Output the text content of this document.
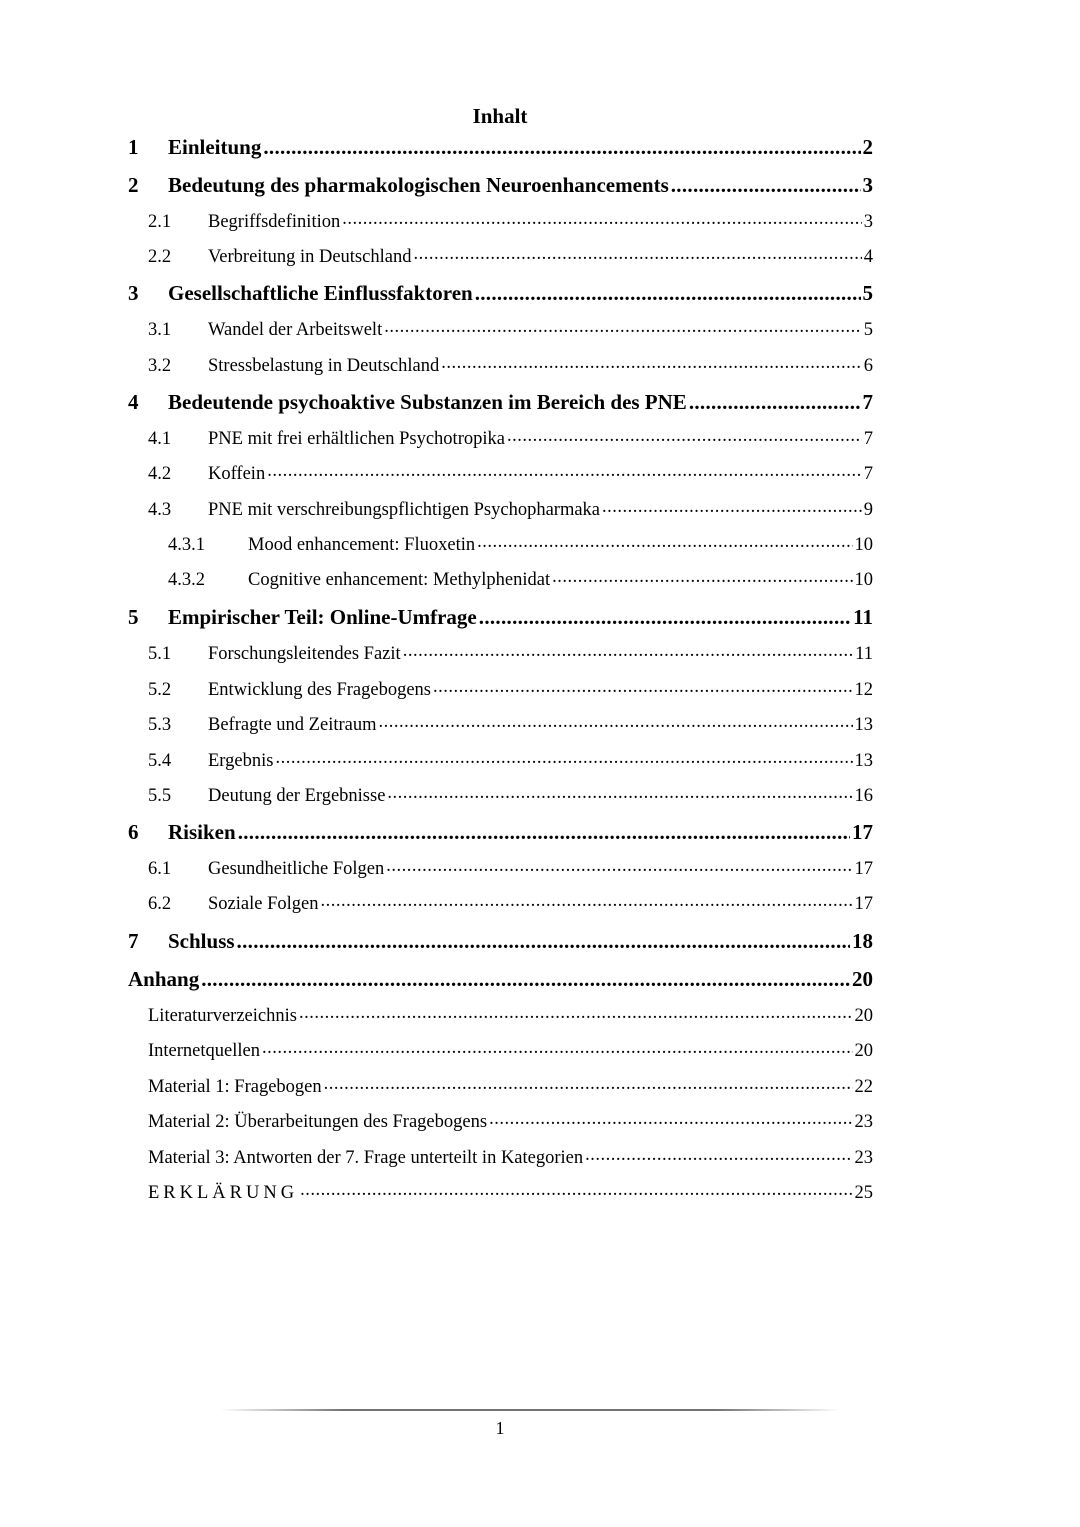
Inhalt
1	Einleitung .....	2
2	Bedeutung des pharmakologischen Neuroenhancements .....	3
2.1	Begriffsdefinition .....	3
2.2	Verbreitung in Deutschland .....	4
3	Gesellschaftliche Einflussfaktoren .....	5
3.1	Wandel der Arbeitswelt .....	5
3.2	Stressbelastung in Deutschland .....	6
4	Bedeutende psychoaktive Substanzen im Bereich des PNE .....	7
4.1	PNE mit frei erhältlichen Psychotropika .....	7
4.2	Koffein .....	7
4.3	PNE mit verschreibungspflichtigen Psychopharmaka .....	9
4.3.1	Mood enhancement: Fluoxetin .....	10
4.3.2	Cognitive enhancement: Methylphenidat .....	10
5	Empirischer Teil: Online-Umfrage .....	11
5.1	Forschungsleitendes Fazit .....	11
5.2	Entwicklung des Fragebogens .....	12
5.3	Befragte und Zeitraum .....	13
5.4	Ergebnis .....	13
5.5	Deutung der Ergebnisse .....	16
6	Risiken .....	17
6.1	Gesundheitliche Folgen .....	17
6.2	Soziale Folgen .....	17
7	Schluss .....	18
Anhang .....	20
Literaturverzeichnis .....	20
Internetquellen .....	20
Material 1: Fragebogen .....	22
Material 2: Überarbeitungen des Fragebogens .....	23
Material 3: Antworten der 7. Frage unterteilt in Kategorien .....	23
ERKLÄRUNG .....	25
1
